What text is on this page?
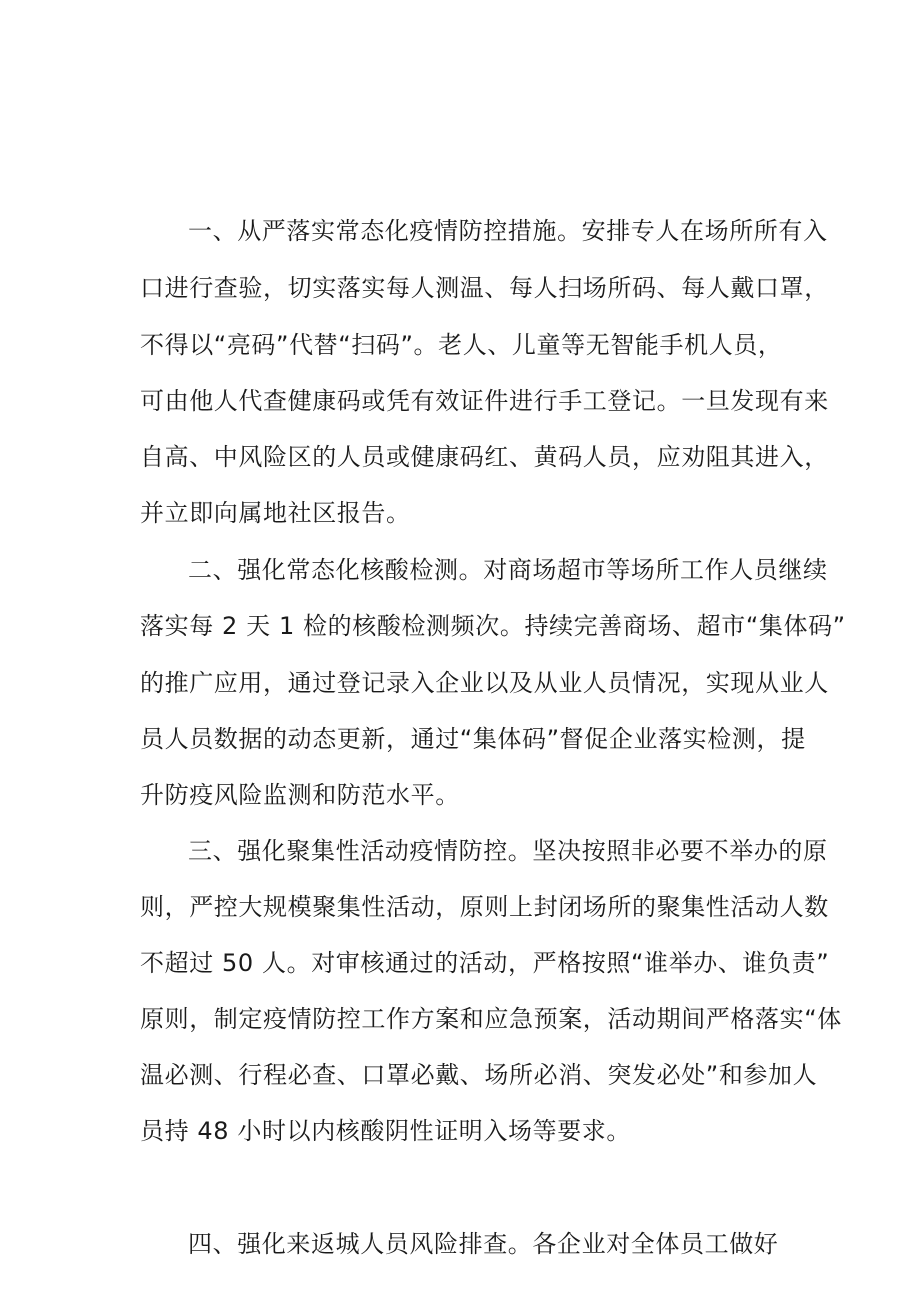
一、从严落实常态化疫情防控措施。安排专人在场所所有入
口进行查验，切实落实每人测温、每人扫场所码、每人戴口罩，
不得以“亮码”代替“扫码”。老人、儿童等无智能手机人员，
可由他人代查健康码或凭有效证件进行手工登记。一旦发现有来
自高、中风险区的人员或健康码红、黄码人员，应劝阻其进入，
并立即向属地社区报告。
二、强化常态化核酸检测。对商场超市等场所工作人员继续
落实每 2 天 1 检的核酸检测频次。持续完善商场、超市“集体码”
的推广应用，通过登记录入企业以及从业人员情况，实现从业人
员人员数据的动态更新，通过“集体码”督促企业落实检测，提
升防疫风险监测和防范水平。
三、强化聚集性活动疫情防控。坚决按照非必要不举办的原
则，严控大规模聚集性活动，原则上封闭场所的聚集性活动人数
不超过 50 人。对审核通过的活动，严格按照“谁举办、谁负责”
原则，制定疫情防控工作方案和应急预案，活动期间严格落实“体
温必测、行程必查、口罩必戴、场所必消、突发必处”和参加人
员持 48 小时以内核酸阴性证明入场等要求。
四、强化来返城人员风险排查。各企业对全体员工做好
